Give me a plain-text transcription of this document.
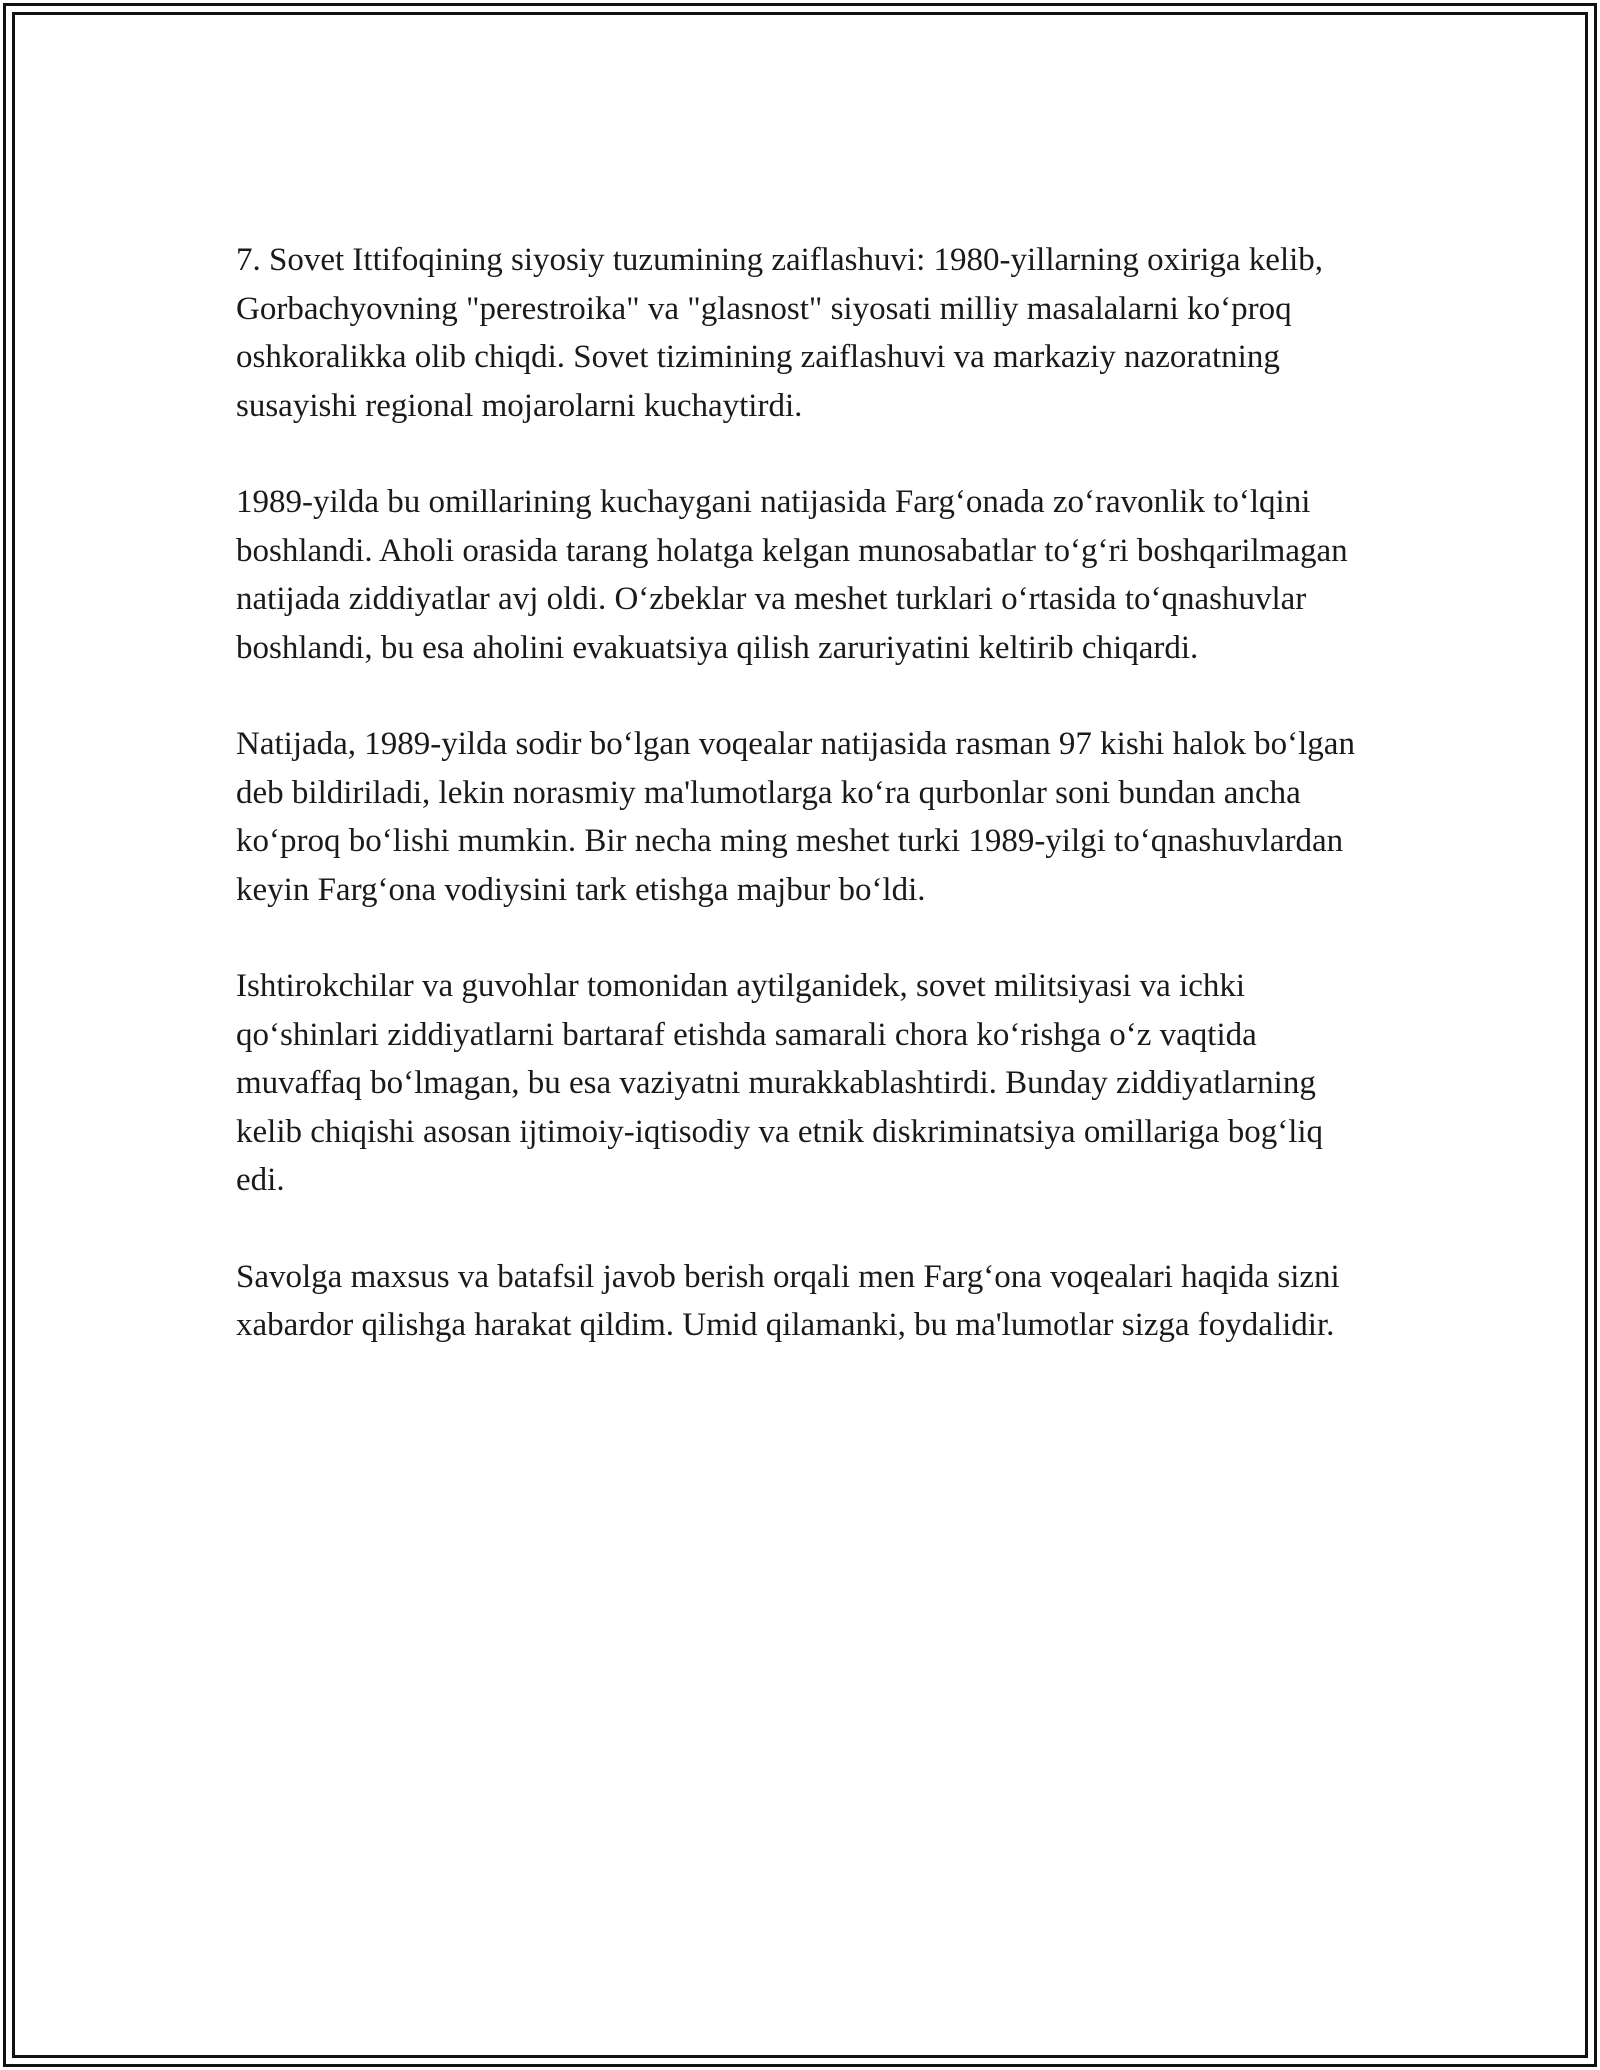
7. Sovet Ittifoqining siyosiy tuzumining zaiflashuvi: 1980-yillarning oxiriga kelib, Gorbachyovning "perestroika" va "glasnost" siyosati milliy masalalarni ko‘proq oshkoralikka olib chiqdi. Sovet tizimining zaiflashuvi va markaziy nazoratning susayishi regional mojarolarni kuchaytirdi.

1989-yilda bu omillarining kuchaygani natijasida Farg‘onada zo‘ravonlik to‘lqini boshlandi. Aholi orasida tarang holatga kelgan munosabatlar to‘g‘ri boshqarilmagan natijada ziddiyatlar avj oldi. O‘zbeklar va meshet turklari o‘rtasida to‘qnashuvlar boshlandi, bu esa aholini evakuatsiya qilish zaruriyatini keltirib chiqardi.

Natijada, 1989-yilda sodir bo‘lgan voqealar natijasida rasman 97 kishi halok bo‘lgan deb bildiriladi, lekin norasmiy ma'lumotlarga ko‘ra qurbonlar soni bundan ancha ko‘proq bo‘lishi mumkin. Bir necha ming meshet turki 1989-yilgi to‘qnashuvlardan keyin Farg‘ona vodiysini tark etishga majbur bo‘ldi.

Ishtirokchilar va guvohlar tomonidan aytilganidek, sovet militsiyasi va ichki qo‘shinlari ziddiyatlarni bartaraf etishda samarali chora ko‘rishga o‘z vaqtida muvaffaq bo‘lmagan, bu esa vaziyatni murakkablashtirdi. Bunday ziddiyatlarning kelib chiqishi asosan ijtimoiy-iqtisodiy va etnik diskriminatsiya omillariga bog‘liq edi.

Savolga maxsus va batafsil javob berish orqali men Farg‘ona voqealari haqida sizni xabardor qilishga harakat qildim. Umid qilamanki, bu ma'lumotlar sizga foydalidir.
